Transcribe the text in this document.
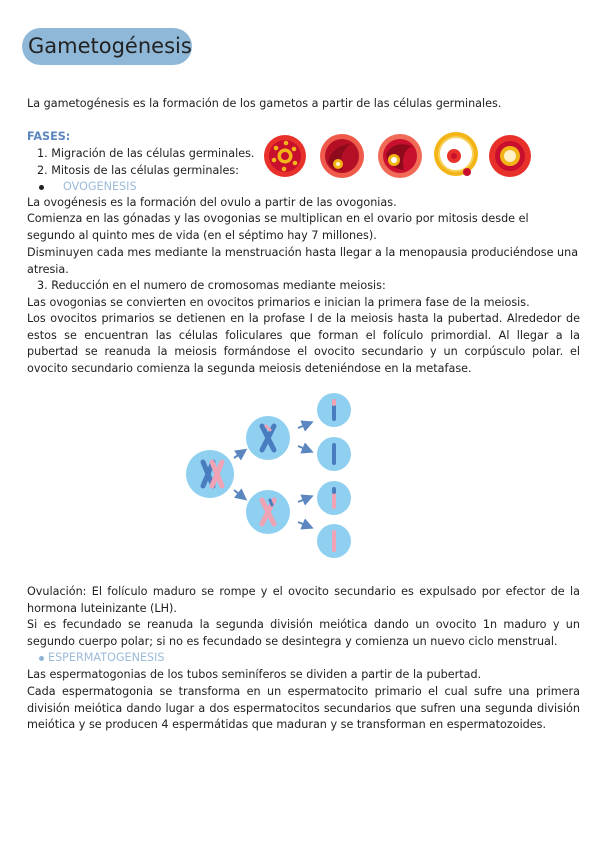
Gametogénesis
La gametogénesis es la formación de los gametos a partir de las células germinales.
FASES:
1. Migración de las células germinales.
2. Mitosis de las células germinales:
OVOGENESIS
La ovogénesis es la formación del ovulo a partir de las ovogonias.
Comienza en las gónadas y las ovogonias se multiplican en el ovario por mitosis desde el segundo al quinto mes de vida (en el séptimo hay 7 millones).
Disminuyen cada mes mediante la menstruación hasta llegar a la menopausia produciéndose una atresia.
3. Reducción en el numero de cromosomas mediante meiosis:
Las ovogonias se convierten en ovocitos primarios e inician la primera fase de la meiosis.
Los ovocitos primarios se detienen en la profase I de la meiosis hasta la pubertad. Alrededor de estos se encuentran las células foliculares que forman el folículo primordial. Al llegar a la pubertad se reanuda la meiosis formándose el ovocito secundario y un corpúsculo polar. el ovocito secundario comienza la segunda meiosis deteniéndose en la metafase.
Ovulación: El folículo maduro se rompe y el ovocito secundario es expulsado por efector de la hormona luteinizante (LH).
Si es fecundado se reanuda la segunda división meiótica dando un ovocito 1n maduro y un segundo cuerpo polar; si no es fecundado se desintegra y comienza un nuevo ciclo menstrual.
ESPERMATOGENESIS
Las espermatogonias de los tubos seminíferos se dividen a partir de la pubertad.
Cada espermatogonia se transforma en un espermatocito primario el cual sufre una primera división meiótica dando lugar a dos espermatocitos secundarios que sufren una segunda división meiótica y se producen 4 espermátidas que maduran y se transforman en espermatozoides.
